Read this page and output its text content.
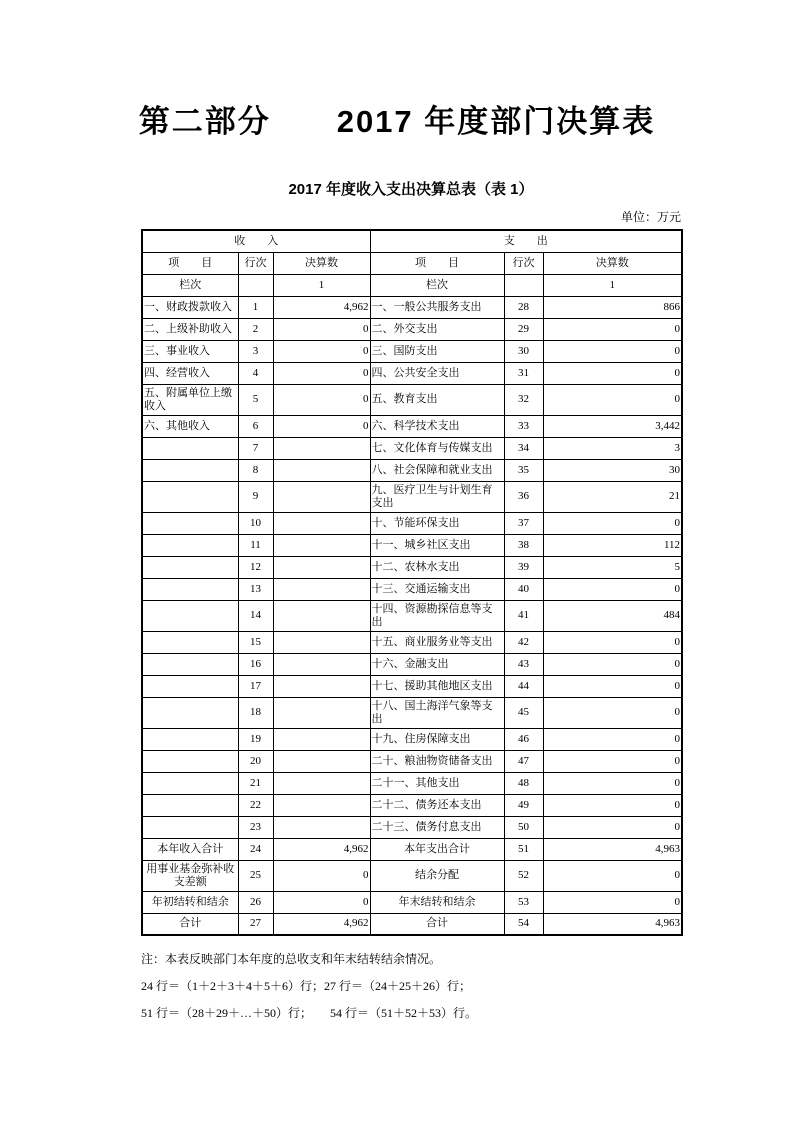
第二部分　　2017 年度部门决算表
2017 年度收入支出决算总表（表 1）
单位：万元
收　　入			支　　出		
项　　目	行次	决算数	项　　目	行次	决算数
栏次		1	栏次		1
一、财政拨款收入	1	4,962	一、一般公共服务支出	28	866
二、上级补助收入	2	0	二、外交支出	29	0
三、事业收入	3	0	三、国防支出	30	0
四、经营收入	4	0	四、公共安全支出	31	0
五、附属单位上缴收入	5	0	五、教育支出	32	0
六、其他收入	6	0	六、科学技术支出	33	3,442
	7		七、文化体育与传媒支出	34	3
	8		八、社会保障和就业支出	35	30
	9		九、医疗卫生与计划生育支出	36	21
	10		十、节能环保支出	37	0
	11		十一、城乡社区支出	38	112
	12		十二、农林水支出	39	5
	13		十三、交通运输支出	40	0
	14		十四、资源勘探信息等支出	41	484
	15		十五、商业服务业等支出	42	0
	16		十六、金融支出	43	0
	17		十七、援助其他地区支出	44	0
	18		十八、国土海洋气象等支出	45	0
	19		十九、住房保障支出	46	0
	20		二十、粮油物资储备支出	47	0
	21		二十一、其他支出	48	0
	22		二十二、债务还本支出	49	0
	23		二十三、债务付息支出	50	0
本年收入合计	24	4,962	本年支出合计	51	4,963
用事业基金弥补收支差额	25	0	结余分配	52	0
年初结转和结余	26	0	年末结转和结余	53	0
合计	27	4,962	合计	54	4,963
注：本表反映部门本年度的总收支和年末结转结余情况。
24 行＝（1＋2＋3＋4＋5＋6）行；27 行＝（24＋25＋26）行；
51 行＝（28＋29＋…＋50）行；　　54 行＝（51＋52＋53）行。
